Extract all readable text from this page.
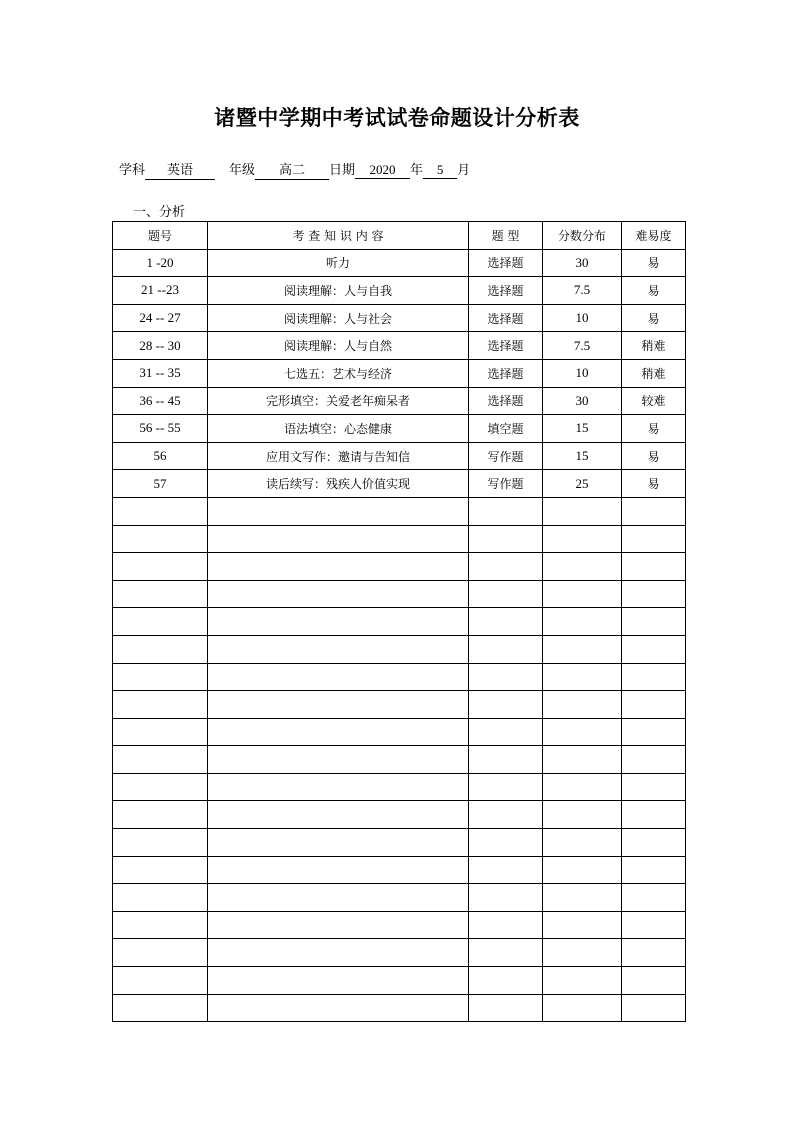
诸暨中学期中考试试卷命题设计分析表
学科 英语	年级 高二 日期 2020 年 5 月
一、分析
题号	考 查 知 识 内 容	题 型	分数分布	难易度
1 -20	听力	选择题	30	易
21 --23	阅读理解：人与自我	选择题	7.5	易
24 -- 27	阅读理解：人与社会	选择题	10	易
28 -- 30	阅读理解：人与自然	选择题	7.5	稍难
31 -- 35	七选五：艺术与经济	选择题	10	稍难
36 -- 45	完形填空：关爱老年痴呆者	选择题	30	较难
56 -- 55	语法填空：心态健康	填空题	15	易
56	应用文写作：邀请与告知信	写作题	15	易
57	读后续写：残疾人价值实现	写作题	25	易
